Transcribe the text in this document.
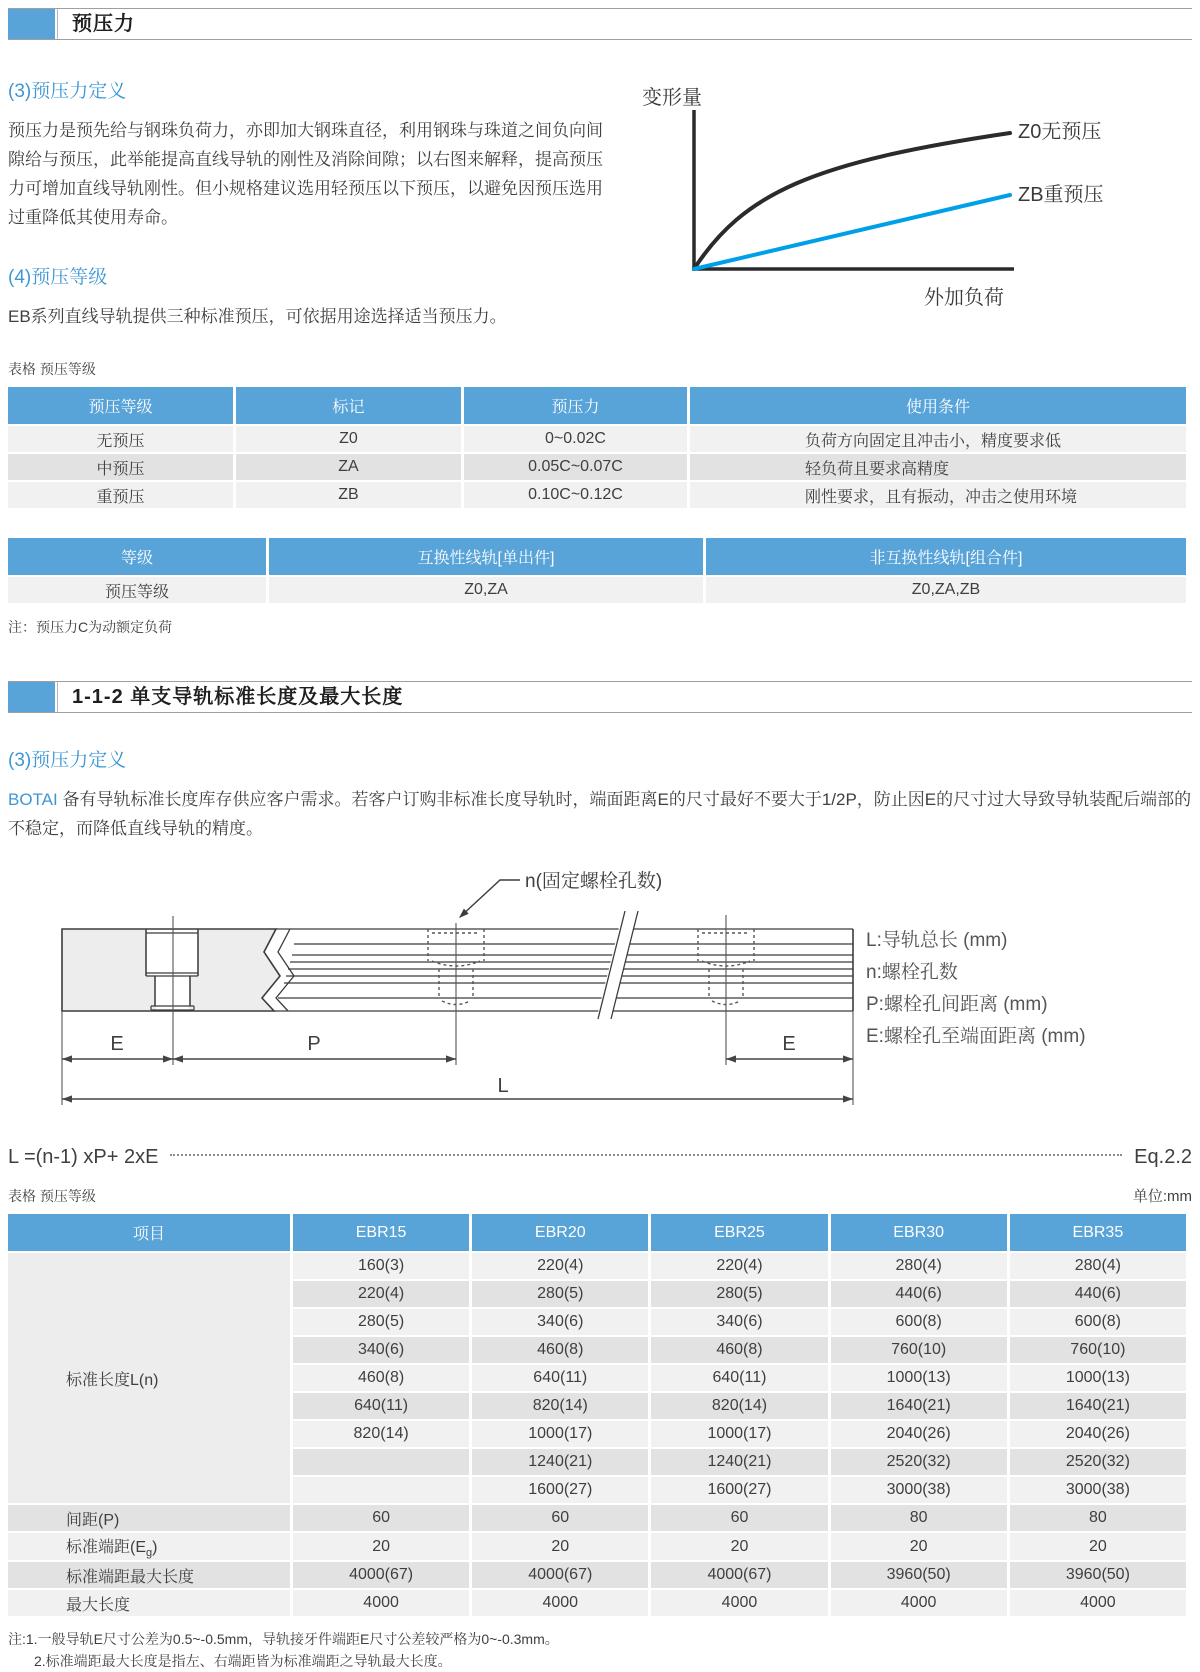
预压力
(3)预压力定义

预压力是预先给与钢珠负荷力，亦即加大钢珠直径，利用钢珠与珠道之间负向间隙给与预压，此举能提高直线导轨的刚性及消除间隙；以右图来解释，提高预压力可增加直线导轨刚性。但小规格建议选用轻预压以下预压，以避免因预压选用过重降低其使用寿命。

(4)预压等级

EB系列直线导轨提供三种标准预压，可依据用途选择适当预压力。

变形量
Z0无预压
ZB重预压
外加负荷
表格 预压等级
预压等级	标记	预压力	使用条件
无预压	Z0	0~0.02C	负荷方向固定且冲击小，精度要求低
中预压	ZA	0.05C~0.07C	轻负荷且要求高精度
重预压	ZB	0.10C~0.12C	刚性要求，且有振动，冲击之使用环境
等级	互换性线轨[单出件]	非互换性线轨[组合件]
预压等级	Z0,ZA	Z0,ZA,ZB
注：预压力C为动额定负荷
1-1-2 单支导轨标准长度及最大长度
(3)预压力定义

BOTAI 备有导轨标准长度库存供应客户需求。若客户订购非标准长度导轨时，端面距离E的尺寸最好不要大于1/2P，防止因E的尺寸过大导致导轨装配后端部的不稳定，而降低直线导轨的精度。

n(固定螺栓孔数)
E	P	E
L
L:导轨总长 (mm)
n:螺栓孔数
P:螺栓孔间距离 (mm)
E:螺栓孔至端面距离 (mm)
L =(n-1) xP+ 2xE	Eq.2.2
表格 预压等级	单位:mm
项目	EBR15	EBR20	EBR25	EBR30	EBR35
标准长度L(n)	160(3)	220(4)	220(4)	280(4)	280(4)
	220(4)	280(5)	280(5)	440(6)	440(6)
	280(5)	340(6)	340(6)	600(8)	600(8)
	340(6)	460(8)	460(8)	760(10)	760(10)
	460(8)	640(11)	640(11)	1000(13)	1000(13)
	640(11)	820(14)	820(14)	1640(21)	1640(21)
	820(14)	1000(17)	1000(17)	2040(26)	2040(26)
		1240(21)	1240(21)	2520(32)	2520(32)
		1600(27)	1600(27)	3000(38)	3000(38)
间距(P)	60	60	60	80	80
标准端距$(E_g)$	20	20	20	20	20
标准端距最大长度	4000(67)	4000(67)	4000(67)	3960(50)	3960(50)
最大长度	4000	4000	4000	4000	4000
注:1.一般导轨E尺寸公差为0.5~-0.5mm，导轨接牙件端距E尺寸公差较严格为0~-0.3mm。
2.标准端距最大长度是指左、右端距皆为标准端距之导轨最大长度。
